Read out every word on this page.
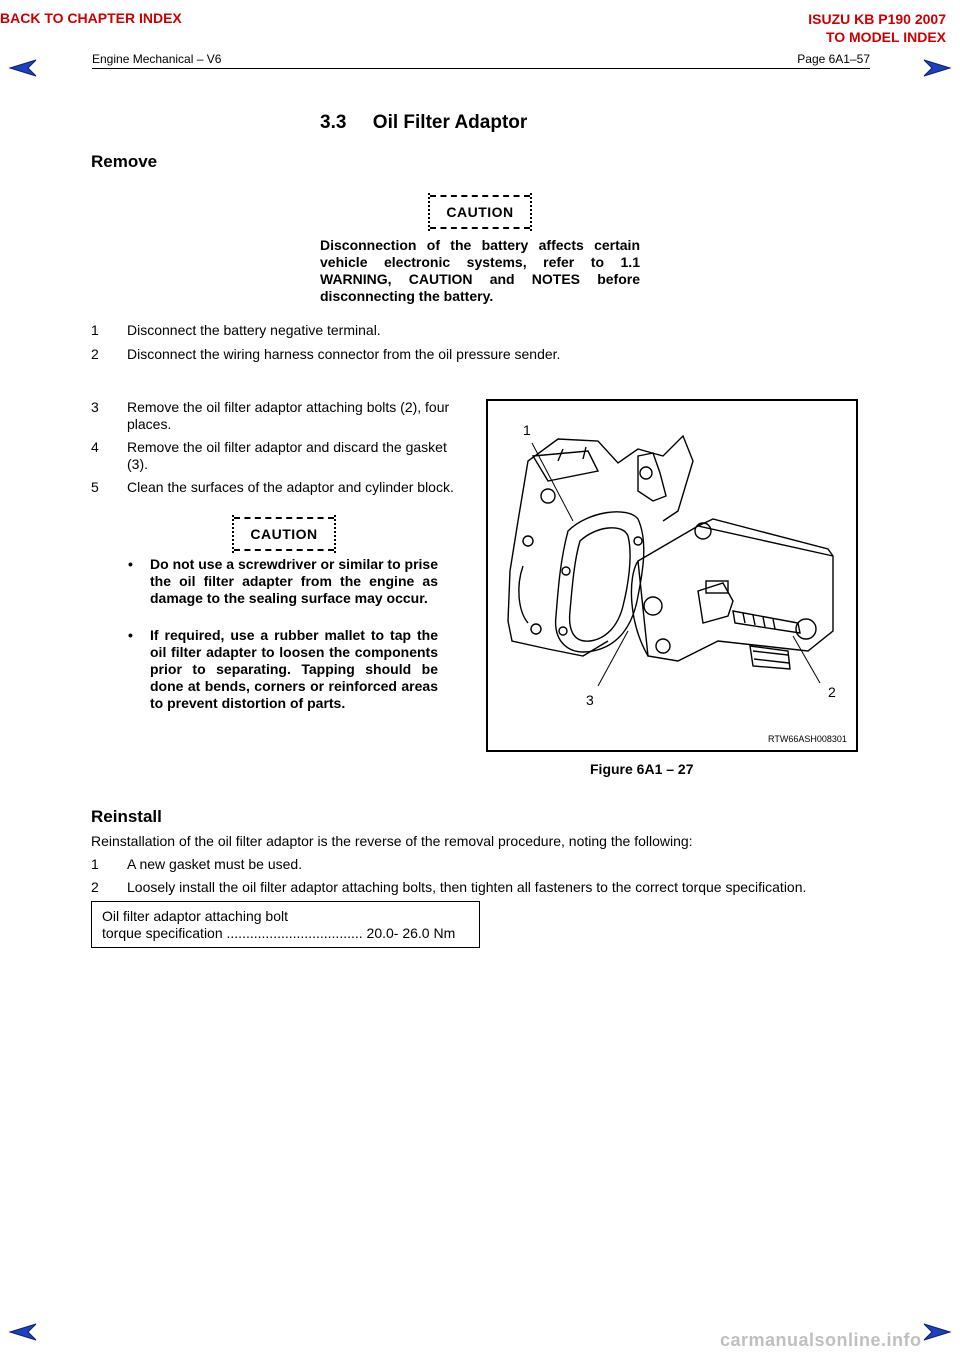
BACK TO CHAPTER INDEX	ISUZU KB P190 2007
TO MODEL INDEX
Engine Mechanical – V6	Page 6A1–57
3.3     Oil Filter Adaptor
Remove
CAUTION
Disconnection of the battery affects certain vehicle electronic systems, refer to 1.1 WARNING, CAUTION and NOTES before disconnecting the battery.
1 Disconnect the battery negative terminal.
2 Disconnect the wiring harness connector from the oil pressure sender.
3 Remove the oil filter adaptor attaching bolts (2), four places.
4 Remove the oil filter adaptor and discard the gasket (3).
5 Clean the surfaces of the adaptor and cylinder block.
CAUTION
• Do not use a screwdriver or similar to prise the oil filter adapter from the engine as damage to the sealing surface may occur.
• If required, use a rubber mallet to tap the oil filter adapter to loosen the components prior to separating. Tapping should be done at bends, corners or reinforced areas to prevent distortion of parts.
1
2
3
RTW66ASH008301
Figure 6A1 – 27
Reinstall
Reinstallation of the oil filter adaptor is the reverse of the removal procedure, noting the following:
1 A new gasket must be used.
2 Loosely install the oil filter adaptor attaching bolts, then tighten all fasteners to the correct torque specification.
Oil filter adaptor attaching bolt
torque specification ................................... 20.0- 26.0 Nm
carmanualsonline.info
